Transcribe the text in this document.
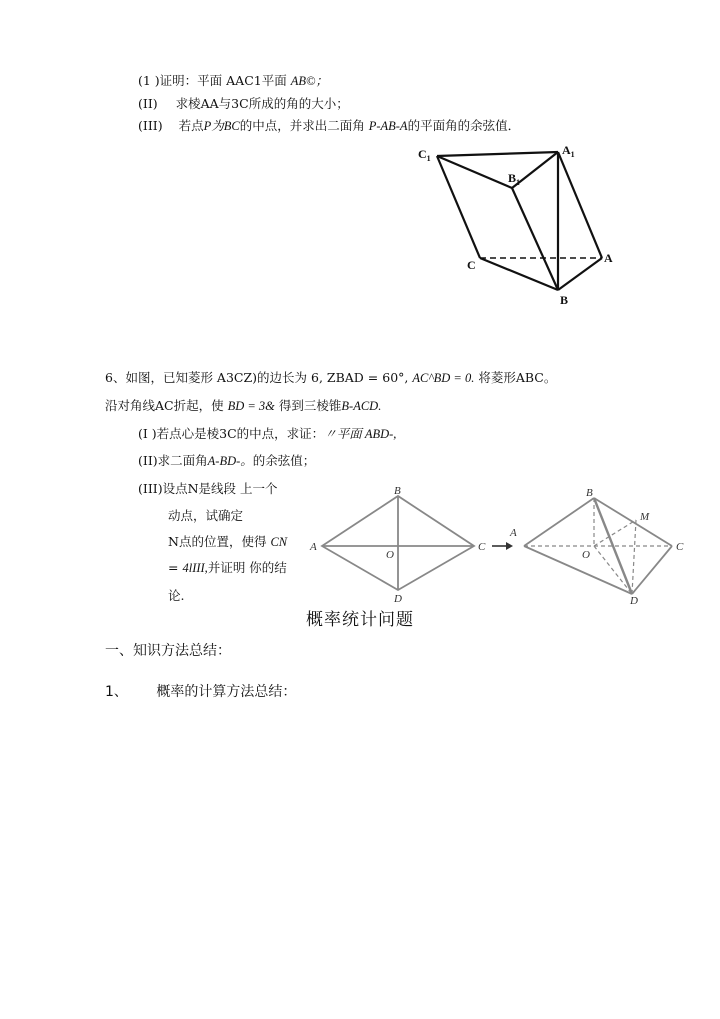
(1 )证明：平面 AAC1平面 AB©；
(II) 求棱AA与3C所成的角的大小；
(III) 若点P为BC的中点，并求出二面角 P-AB-A的平面角的余弦值．
$C_1$
$A_1$
$B_1$
C	A
B
6、如图，已知菱形 A3CZ)的边长为 6, ZBAD = 60°, AC^BD = 0. 将菱形ABC。
沿对角线AC折起，使 BD = 3& 得到三棱锥B-ACD.
(I )若点心是棱3C的中点，求证：〃平面 ABD-,
(II)求二面角A-BD-。的余弦值；
(III)设点N是线段 上一个
动点，试确定
N点的位置，使得 CN
= 4lIII,并证明 你的结
论.
A
B
C
D
O
A
B
C
D
O
M
概率统计问题
一、知识方法总结：
1、 概率的计算方法总结：
